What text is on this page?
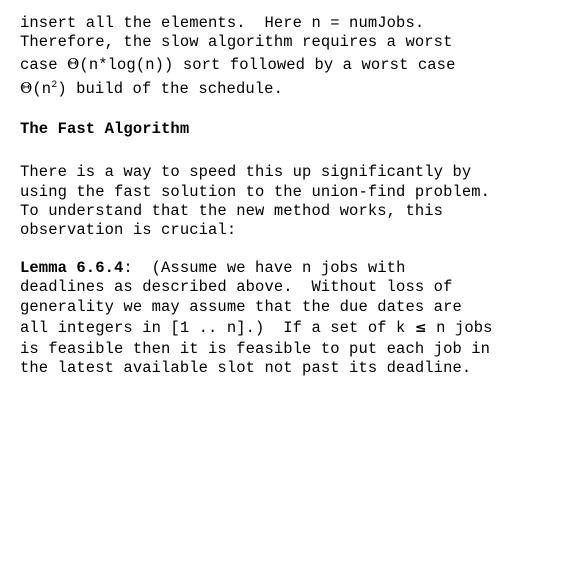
insert all the elements.  Here n = numJobs.
Therefore, the slow algorithm requires a worst
case Θ(n*log(n)) sort followed by a worst case
$\Theta(n^2)$ build of the schedule.
The Fast Algorithm
There is a way to speed this up significantly by
using the fast solution to the union-find problem.
To understand that the new method works, this
observation is crucial:
Lemma 6.6.4:  (Assume we have n jobs with
deadlines as described above.  Without loss of
generality we may assume that the due dates are
all integers in [1 .. n].)  If a set of k ≤ n jobs
is feasible then it is feasible to put each job in
the latest available slot not past its deadline.
